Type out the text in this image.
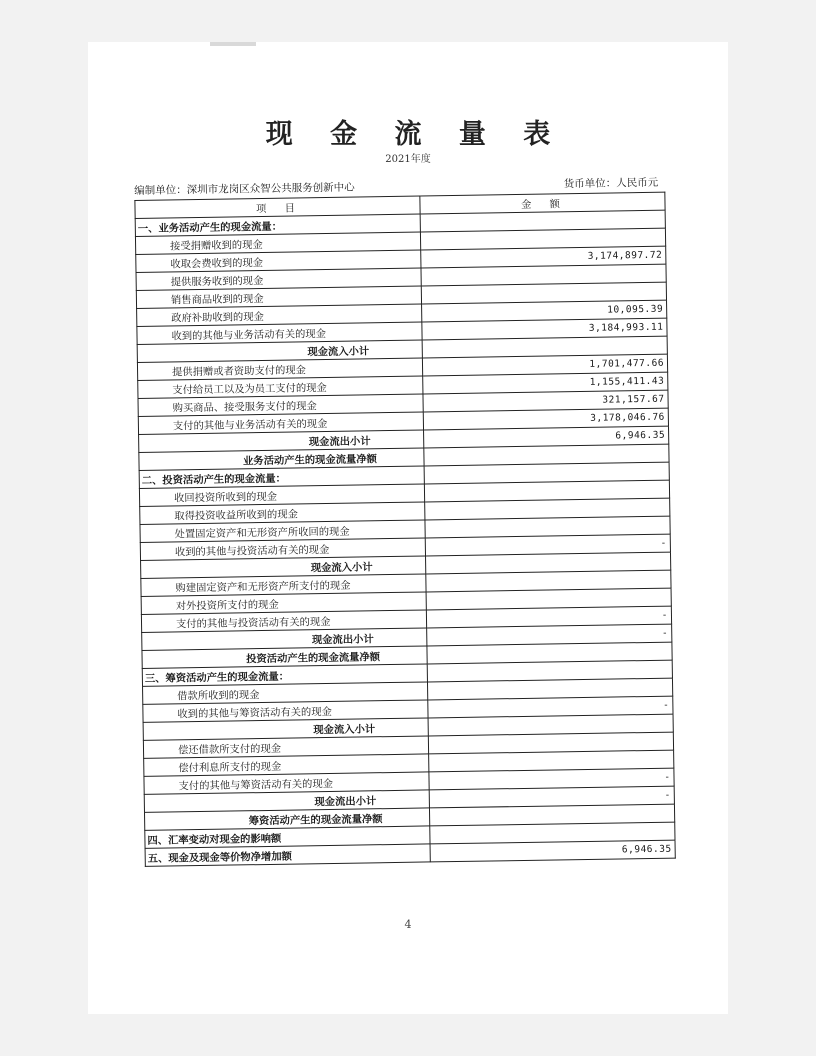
现 金 流 量 表
2021年度
编制单位：深圳市龙岗区众智公共服务创新中心	货币单位：人民币元
项　目	金　额
一、业务活动产生的现金流量：	
接受捐赠收到的现金	
收取会费收到的现金	3,174,897.72
提供服务收到的现金	
销售商品收到的现金	
政府补助收到的现金	10,095.39
收到的其他与业务活动有关的现金	3,184,993.11
现金流入小计	
提供捐赠或者资助支付的现金	1,701,477.66
支付给员工以及为员工支付的现金	1,155,411.43
购买商品、接受服务支付的现金	321,157.67
支付的其他与业务活动有关的现金	3,178,046.76
现金流出小计	6,946.35
业务活动产生的现金流量净额	
二、投资活动产生的现金流量：	
收回投资所收到的现金	
取得投资收益所收到的现金	
处置固定资产和无形资产所收回的现金	
收到的其他与投资活动有关的现金	-
现金流入小计	
购建固定资产和无形资产所支付的现金	
对外投资所支付的现金	
支付的其他与投资活动有关的现金	-
现金流出小计	-
投资活动产生的现金流量净额	
三、筹资活动产生的现金流量：	
借款所收到的现金	
收到的其他与筹资活动有关的现金	-
现金流入小计	
偿还借款所支付的现金	
偿付利息所支付的现金	
支付的其他与筹资活动有关的现金	-
现金流出小计	-
筹资活动产生的现金流量净额	
四、汇率变动对现金的影响额	
五、现金及现金等价物净增加额	6,946.35
4
